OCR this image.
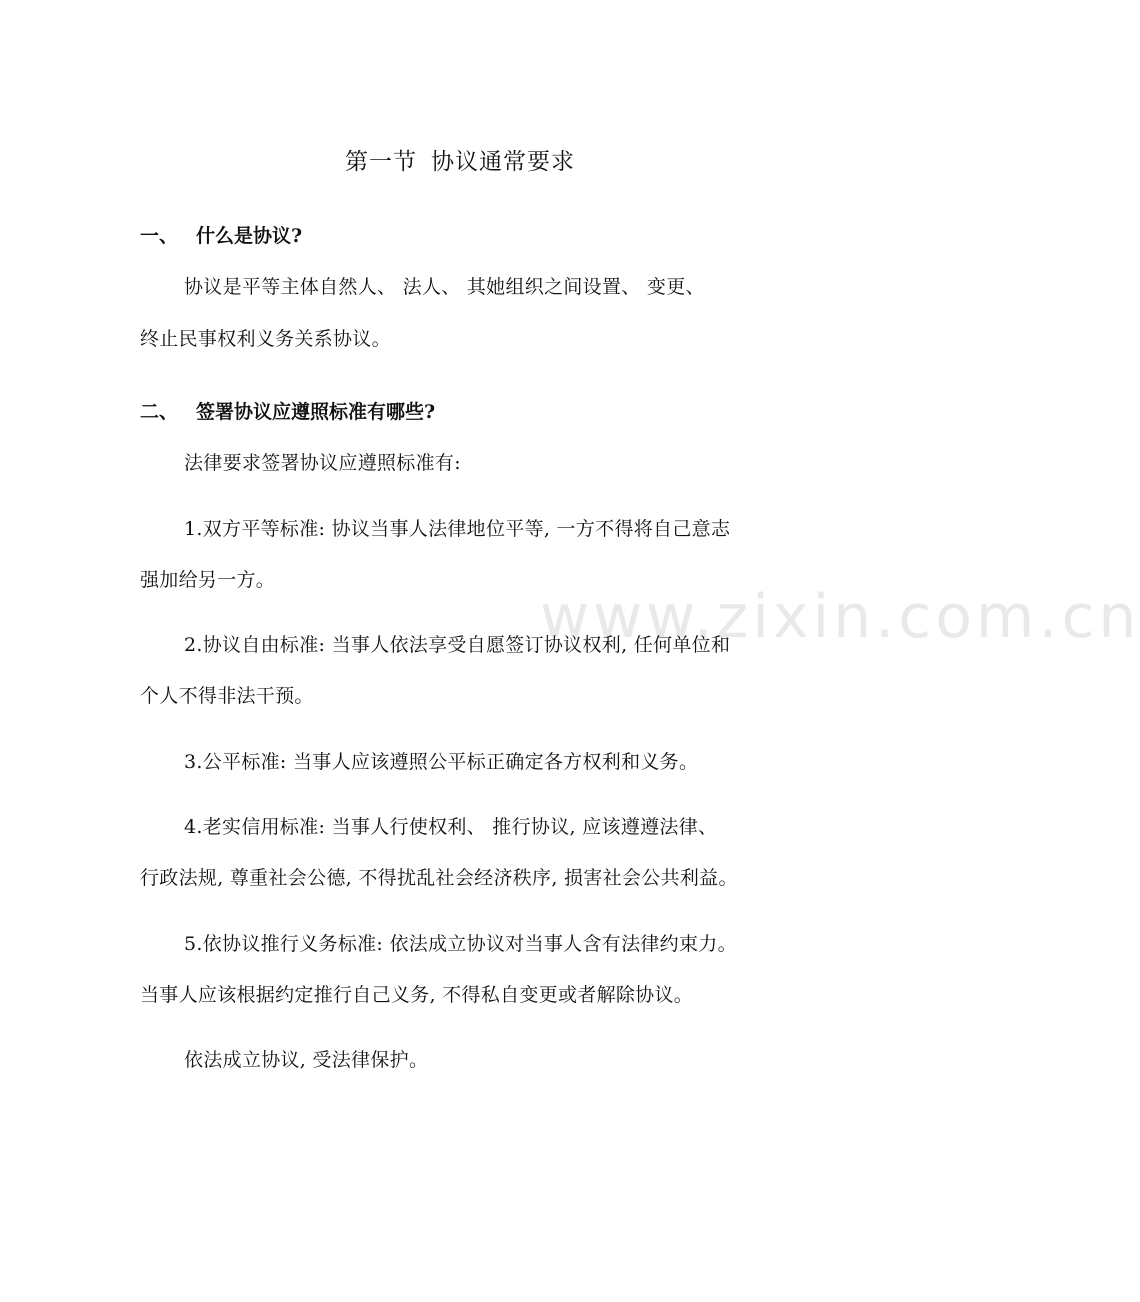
www.zixin.com.cn
第一节 协议通常要求
一、 什么是协议?
协议是平等主体自然人、 法人、 其她组织之间设置、 变更、
终止民事权利义务关系协议。
二、 签署协议应遵照标准有哪些?
法律要求签署协议应遵照标准有:
1.双方平等标准: 协议当事人法律地位平等, 一方不得将自己意志
强加给另一方。
2.协议自由标准: 当事人依法享受自愿签订协议权利, 任何单位和
个人不得非法干预。
3.公平标准: 当事人应该遵照公平标正确定各方权利和义务。
4.老实信用标准: 当事人行使权利、 推行协议, 应该遵遵法律、
行政法规, 尊重社会公德, 不得扰乱社会经济秩序, 损害社会公共利益。
5.依协议推行义务标准: 依法成立协议对当事人含有法律约束力。
当事人应该根据约定推行自己义务, 不得私自变更或者解除协议。
依法成立协议, 受法律保护。
